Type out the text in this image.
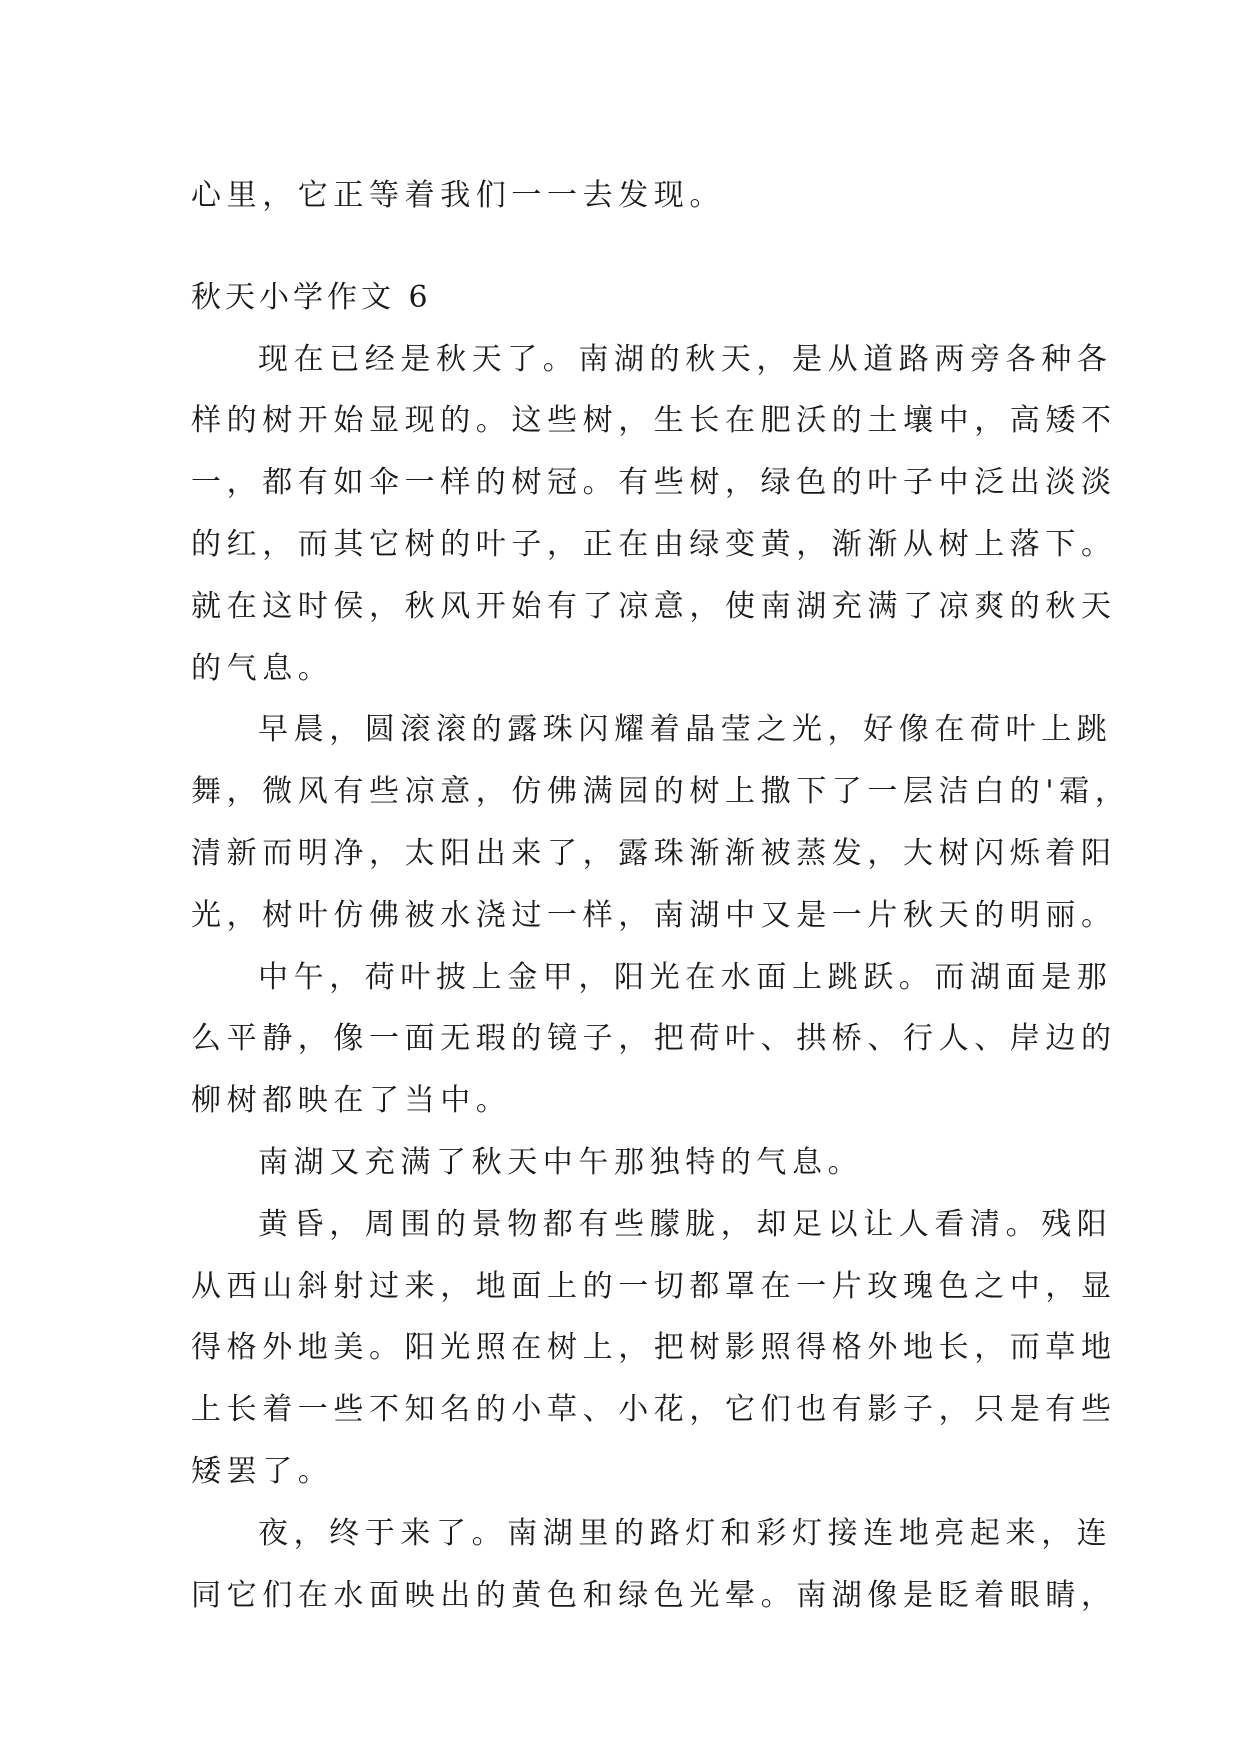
心里，它正等着我们一一去发现。
秋天小学作文 6
现在已经是秋天了。南湖的秋天，是从道路两旁各种各
样的树开始显现的。这些树，生长在肥沃的土壤中，高矮不
一，都有如伞一样的树冠。有些树，绿色的叶子中泛出淡淡
的红，而其它树的叶子，正在由绿变黄，渐渐从树上落下。
就在这时侯，秋风开始有了凉意，使南湖充满了凉爽的秋天
的气息。
早晨，圆滚滚的露珠闪耀着晶莹之光，好像在荷叶上跳
舞，微风有些凉意，仿佛满园的树上撒下了一层洁白的'霜，
清新而明净，太阳出来了，露珠渐渐被蒸发，大树闪烁着阳
光，树叶仿佛被水浇过一样，南湖中又是一片秋天的明丽。
中午，荷叶披上金甲，阳光在水面上跳跃。而湖面是那
么平静，像一面无瑕的镜子，把荷叶、拱桥、行人、岸边的
柳树都映在了当中。
南湖又充满了秋天中午那独特的气息。
黄昏，周围的景物都有些朦胧，却足以让人看清。残阳
从西山斜射过来，地面上的一切都罩在一片玫瑰色之中，显
得格外地美。阳光照在树上，把树影照得格外地长，而草地
上长着一些不知名的小草、小花，它们也有影子，只是有些
矮罢了。
夜，终于来了。南湖里的路灯和彩灯接连地亮起来，连
同它们在水面映出的黄色和绿色光晕。南湖像是眨着眼睛，
